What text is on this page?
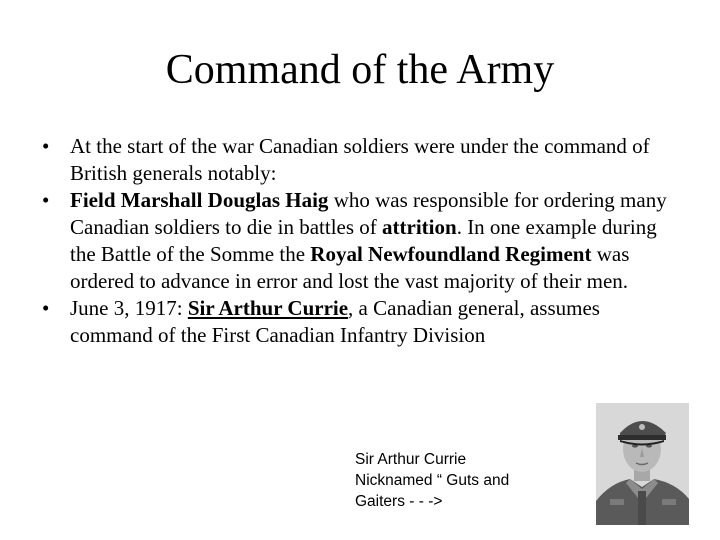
Command of the Army
• At the start of the war Canadian soldiers were under the command of British generals notably:
• Field Marshall Douglas Haig who was responsible for ordering many Canadian soldiers to die in battles of attrition. In one example during the Battle of the Somme the Royal Newfoundland Regiment was ordered to advance in error and lost the vast majority of their men.
• June 3, 1917: Sir Arthur Currie, a Canadian general, assumes command of the First Canadian Infantry Division
Sir Arthur Currie
Nicknamed “ Guts and
Gaiters - - ->
